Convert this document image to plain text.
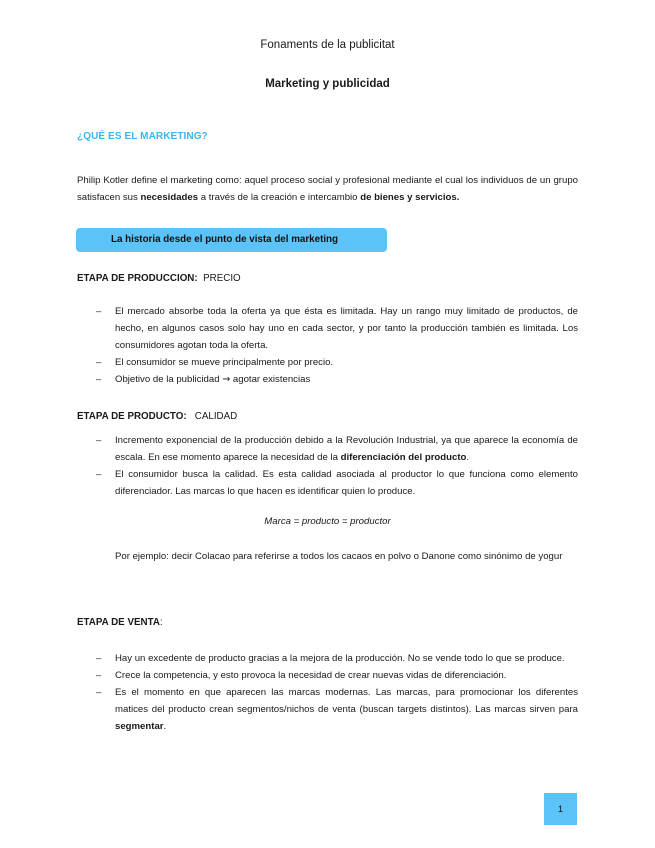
Fonaments de la publicitat
Marketing y publicidad
¿QUÉ ES EL MARKETING?
Philip Kotler define el marketing como: aquel proceso social y profesional mediante el cual los individuos de un grupo satisfacen sus necesidades a través de la creación e intercambio de bienes y servicios.
La historia desde el punto de vista del marketing
ETAPA DE PRODUCCION: PRECIO
–	El mercado absorbe toda la oferta ya que ésta es limitada. Hay un rango muy limitado de productos, de hecho, en algunos casos solo hay uno en cada sector, y por tanto la producción también es limitada. Los consumidores agotan toda la oferta.
–	El consumidor se mueve principalmente por precio.
–	Objetivo de la publicidad → agotar existencias
ETAPA DE PRODUCTO: CALIDAD
–	Incremento exponencial de la producción debido a la Revolución Industrial, ya que aparece la economía de escala. En ese momento aparece la necesidad de la diferenciación del producto.
–	El consumidor busca la calidad. Es esta calidad asociada al productor lo que funciona como elemento diferenciador. Las marcas lo que hacen es identificar quien lo produce.
Marca = producto = productor
Por ejemplo: decir Colacao para referirse a todos los cacaos en polvo o Danone como sinónimo de yogur
ETAPA DE VENTA:
–	Hay un excedente de producto gracias a la mejora de la producción. No se vende todo lo que se produce.
–	Crece la competencia, y esto provoca la necesidad de crear nuevas vidas de diferenciación.
–	Es el momento en que aparecen las marcas modernas. Las marcas, para promocionar los diferentes matices del producto crean segmentos/nichos de venta (buscan targets distintos). Las marcas sirven para segmentar.
1
